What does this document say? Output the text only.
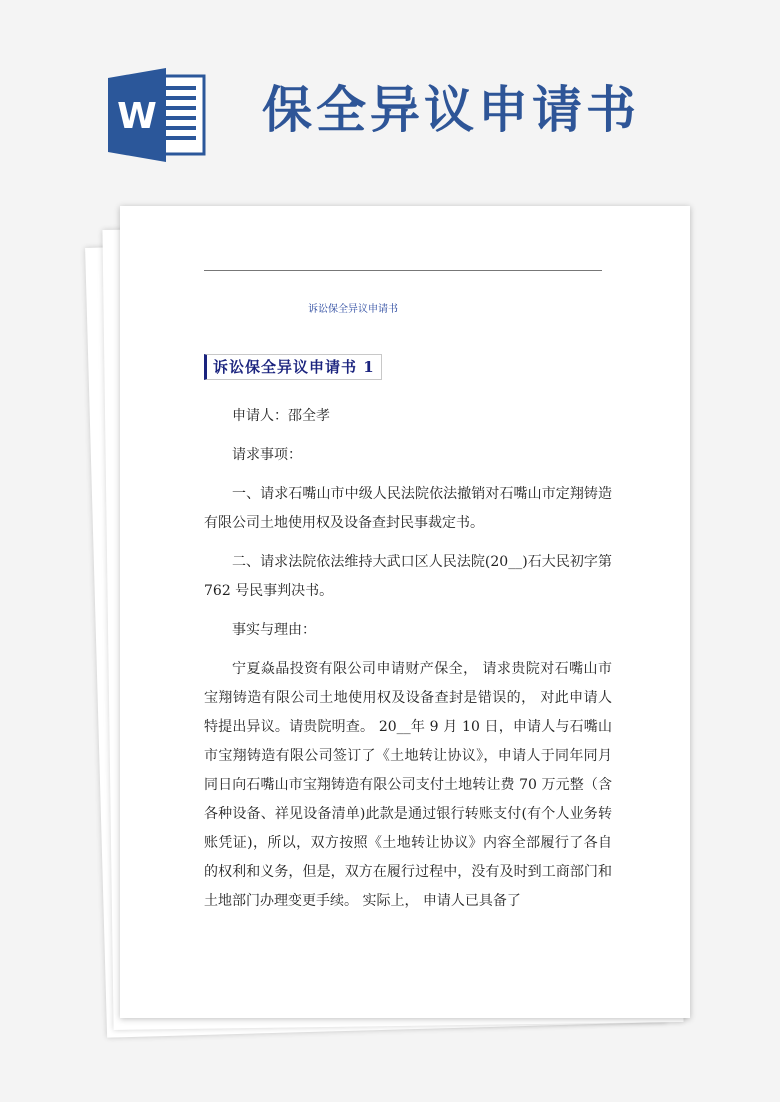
W 保全异议申请书
诉讼保全异议申请书
诉讼保全异议申请书 1

申请人：邵全孝

请求事项：

一、请求石嘴山市中级人民法院依法撤销对石嘴山市定翔铸造有限公司土地使用权及设备查封民事裁定书。

二、请求法院依法维持大武口区人民法院(20__)石大民初字第 762 号民事判决书。

事实与理由：

宁夏焱晶投资有限公司申请财产保全， 请求贵院对石嘴山市宝翔铸造有限公司土地使用权及设备查封是错误的， 对此申请人特提出异议。请贵院明查。 20__年 9 月 10 日，申请人与石嘴山市宝翔铸造有限公司签订了《土地转让协议》，申请人于同年同月同日向石嘴山市宝翔铸造有限公司支付土地转让费 70 万元整（含各种设备、祥见设备清单)此款是通过银行转账支付(有个人业务转账凭证)，所以，双方按照《土地转让协议》内容全部履行了各自的权利和义务，但是，双方在履行过程中，没有及时到工商部门和土地部门办理变更手续。 实际上， 申请人已具备了
